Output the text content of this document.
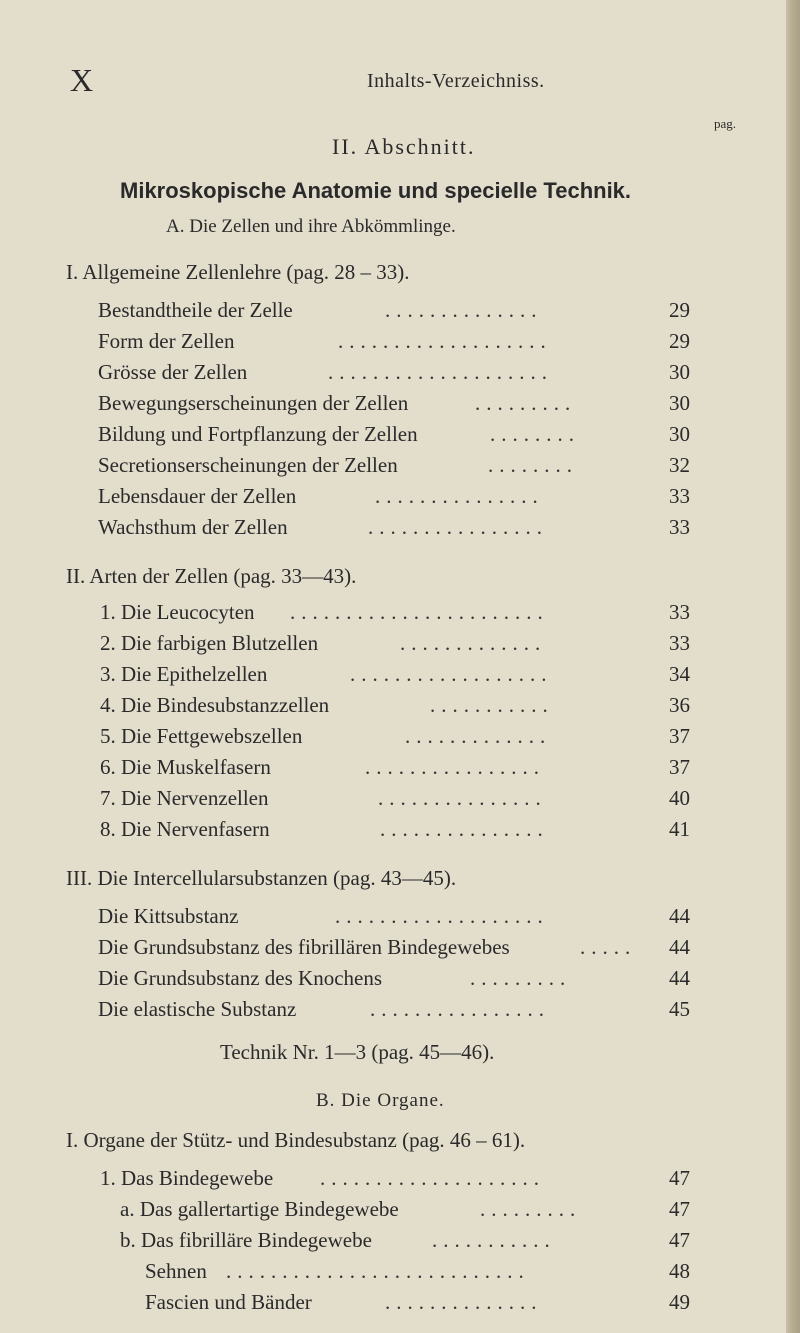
X	Inhalts-Verzeichniss.
pag.
II. Abschnitt.
Mikroskopische Anatomie und specielle Technik.
A. Die Zellen und ihre Abkömmlinge.
I. Allgemeine Zellenlehre (pag. 28 – 33).
Bestandtheile der Zelle	..............	29
Form der Zellen	...................	29
Grösse der Zellen	....................	30
Bewegungserscheinungen der Zellen	.........	30
Bildung und Fortpflanzung der Zellen	........	30
Secretionserscheinungen der Zellen	........	32
Lebensdauer der Zellen	...............	33
Wachsthum der Zellen	................	33
II. Arten der Zellen (pag. 33—43).
1. Die Leucocyten .......................	33
2. Die farbigen Blutzellen	.............	33
3. Die Epithelzellen	..................	34
4. Die Bindesubstanzzellen	...........	36
5. Die Fettgewebszellen	.............	37
6. Die Muskelfasern	................	37
7. Die Nervenzellen	...............	40
8. Die Nervenfasern	...............	41
III. Die Intercellularsubstanzen (pag. 43—45).
Die Kittsubstanz	...................	44
Die Grundsubstanz des fibrillären Bindegewebes	.....	44
Die Grundsubstanz des Knochens	.........	44
Die elastische Substanz	................	45
Technik Nr. 1—3 (pag. 45—46).
B. Die Organe.
I. Organe der Stütz- und Bindesubstanz (pag. 46 – 61).
1. Das Bindegewebe ....................	47
a. Das gallertartige Bindegewebe	.........	47
b. Das fibrilläre Bindegewebe	...........	47
Sehnen ...........................	48
Fascien und Bänder	..............	49
